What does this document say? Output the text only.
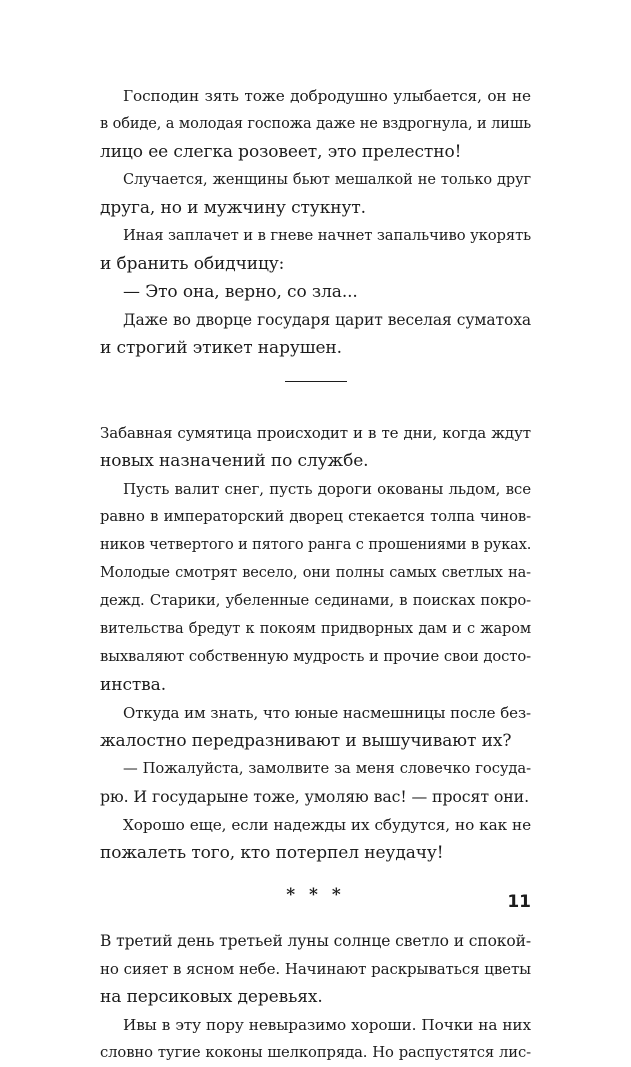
Господин зять тоже добродушно улыбается, он не
в обиде, а молодая госпожа даже не вздрогнула, и лишь
лицо ее слегка розовеет, это прелестно!
Случается, женщины бьют мешалкой не только друг
друга, но и мужчину стукнут.
Иная заплачет и в гневе начнет запальчиво укорять
и бранить обидчицу:
— Это она, верно, со зла...
Даже во дворце государя царит веселая суматоха
и строгий этикет нарушен.
Забавная сумятица происходит и в те дни, когда ждут
новых назначений по службе.
Пусть валит снег, пусть дороги окованы льдом, все
равно в императорский дворец стекается толпа чинов-
ников четвертого и пятого ранга с прошениями в руках.
Молодые смотрят весело, они полны самых светлых на-
дежд. Старики, убеленные сединами, в поисках покро-
вительства бредут к покоям придворных дам и с жаром
выхваляют собственную мудрость и прочие свои досто-
инства.
Откуда им знать, что юные насмешницы после без-
жалостно передразнивают и вышучивают их?
— Пожалуйста, замолвите за меня словечко госуда-
рю. И государыне тоже, умоляю вас! — просят они.
Хорошо еще, если надежды их сбудутся, но как не
пожалеть того, кто потерпел неудачу!
* * *
В третий день третьей луны солнце светло и спокой-
но сияет в ясном небе. Начинают раскрываться цветы
на персиковых деревьях.
Ивы в эту пору невыразимо хороши. Почки на них
словно тугие коконы шелкопряда. Но распустятся лис-
11
